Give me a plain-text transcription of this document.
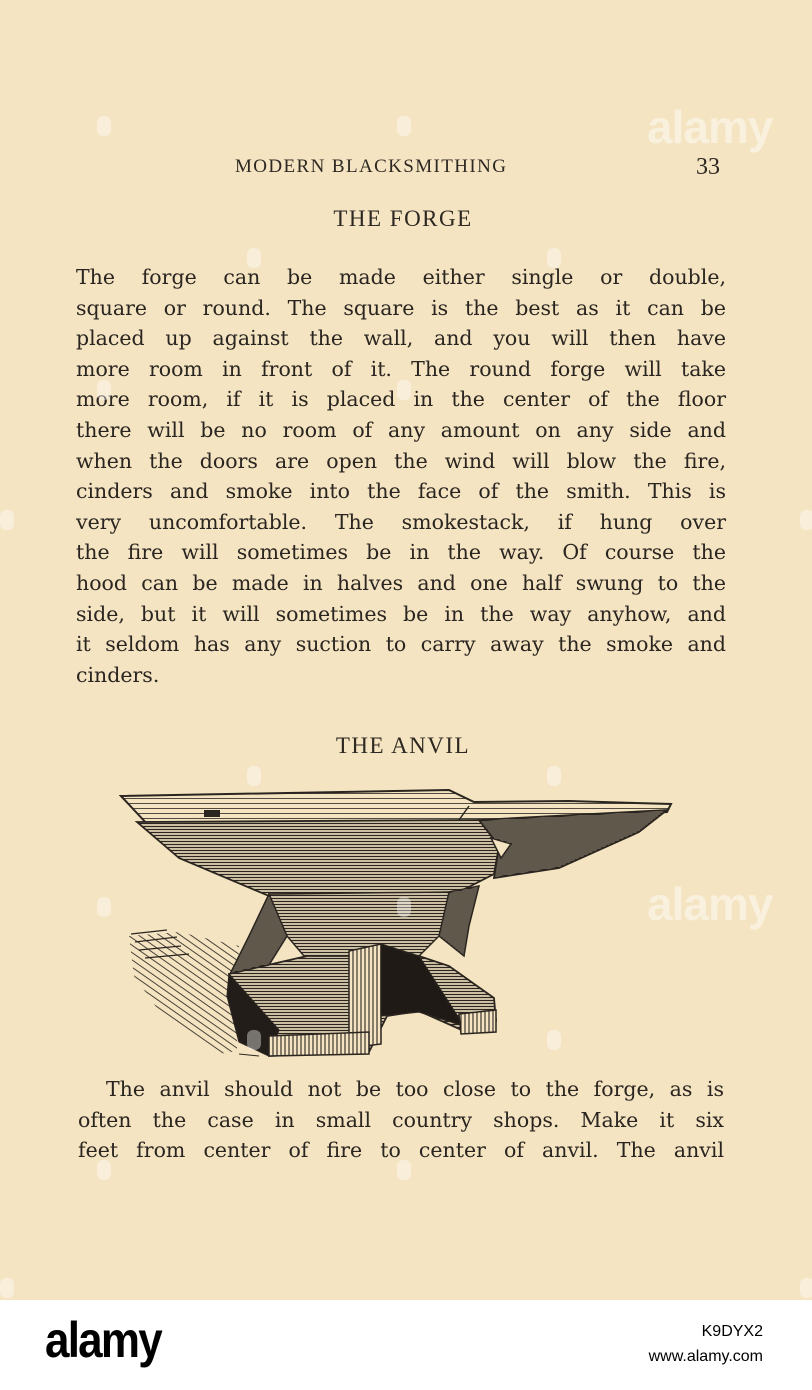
MODERN BLACKSMITHING	33
THE FORGE
The forge can be made either single or double,
square or round. The square is the best as it can be
placed up against the wall, and you will then have
more room in front of it. The round forge will take
more room, if it is placed in the center of the floor
there will be no room of any amount on any side and
when the doors are open the wind will blow the fire,
cinders and smoke into the face of the smith. This is
very uncomfortable. The smokestack, if hung over
the fire will sometimes be in the way. Of course the
hood can be made in halves and one half swung to the
side, but it will sometimes be in the way anyhow, and
it seldom has any suction to carry away the smoke and
cinders.
THE ANVIL
The anvil should not be too close to the forge, as is
often the case in small country shops. Make it six
feet from center of fire to center of anvil. The anvil
alamy
alamy
alamy	K9DYX2
www.alamy.com
